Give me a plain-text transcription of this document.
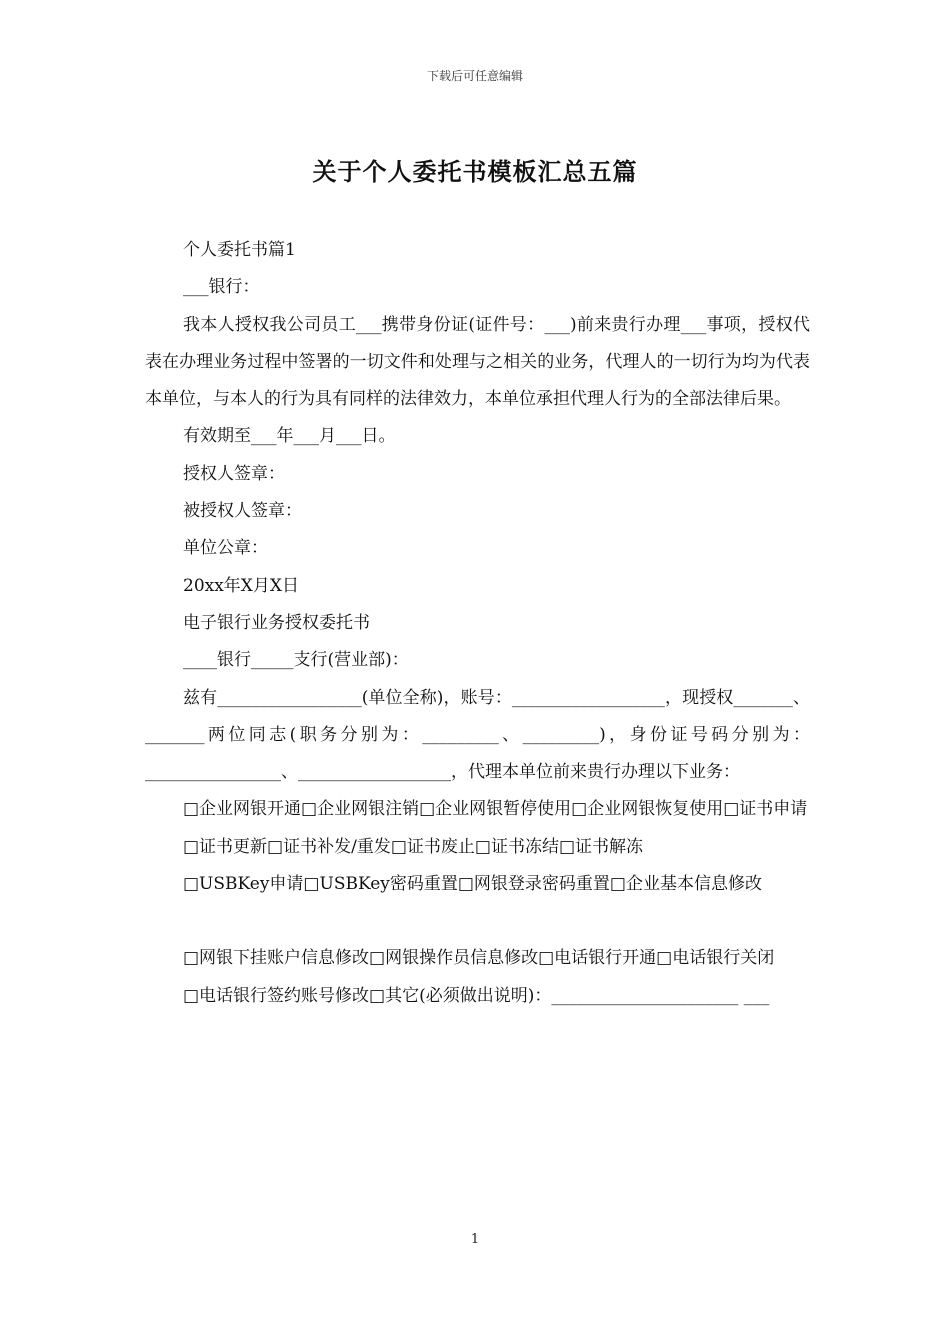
下载后可任意编辑
关于个人委托书模板汇总五篇

个人委托书篇1

___银行：

我本人授权我公司员工___携带身份证(证件号：___)前来贵行办理___事项，授权代表在办理业务过程中签署的一切文件和处理与之相关的业务，代理人的一切行为均为代表本单位，与本人的行为具有同样的法律效力，本单位承担代理人行为的全部法律后果。

有效期至___年___月___日。

授权人签章：

被授权人签章：

单位公章：

20xx年X月X日

电子银行业务授权委托书

____银行_____支行(营业部)：

兹有_________________(单位全称)，账号：__________________，现授权_______、_______两位同志(职务分别为：_________、_________)，身份证号码分别为：________________、__________________，代理本单位前来贵行办理以下业务：

□企业网银开通□企业网银注销□企业网银暂停使用□企业网银恢复使用□证书申请

□证书更新□证书补发/重发□证书废止□证书冻结□证书解冻

□USBKey申请□USBKey密码重置□网银登录密码重置□企业基本信息修改

□网银下挂账户信息修改□网银操作员信息修改□电话银行开通□电话银行关闭

□电话银行签约账号修改□其它(必须做出说明)：______________________ ___

1
